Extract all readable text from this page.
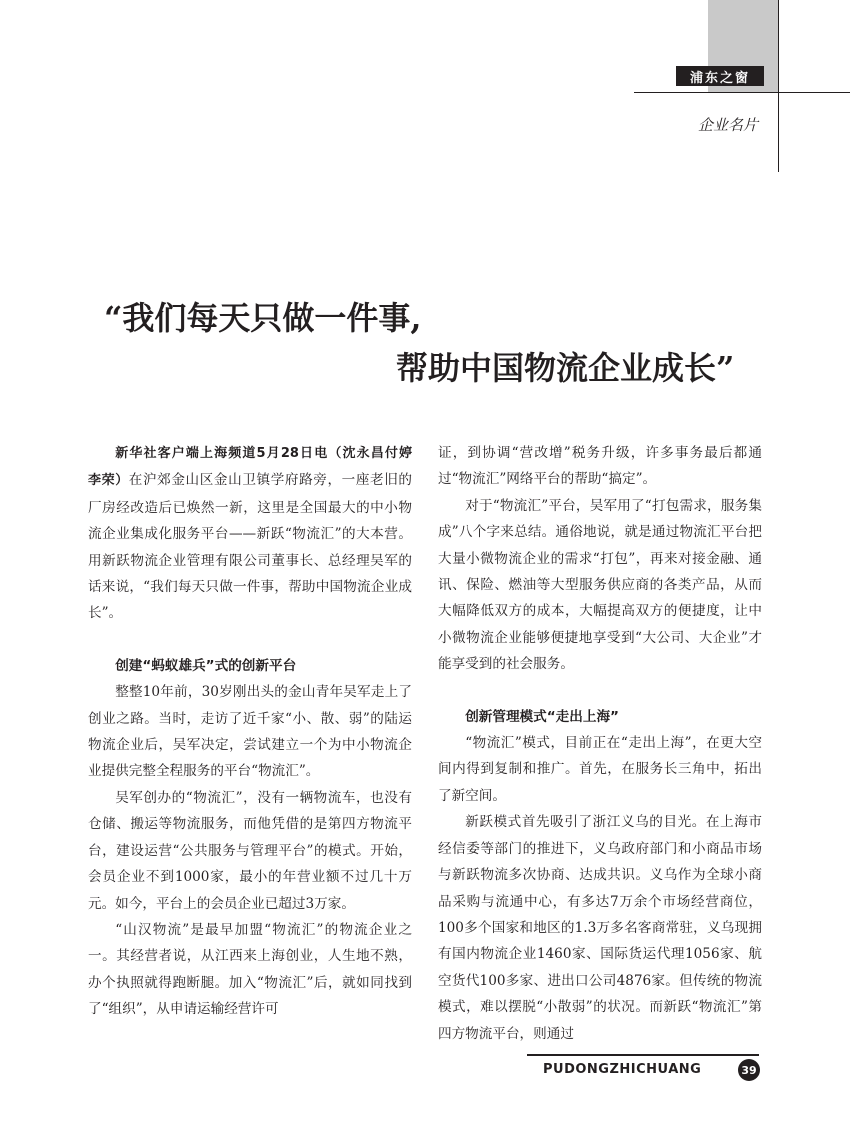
浦东之窗
企业名片
“我们每天只做一件事,
帮助中国物流企业成长”

新华社客户端上海频道5月28日电（沈永昌付婷　李荣）在沪郊金山区金山卫镇学府路旁，一座老旧的厂房经改造后已焕然一新，这里是全国最大的中小物流企业集成化服务平台——新跃“物流汇”的大本营。用新跃物流企业管理有限公司董事长、总经理吴军的话来说，“我们每天只做一件事，帮助中国物流企业成长”。

创建“蚂蚁雄兵”式的创新平台

整整10年前，30岁刚出头的金山青年吴军走上了创业之路。当时，走访了近千家“小、散、弱”的陆运物流企业后，吴军决定，尝试建立一个为中小物流企业提供完整全程服务的平台“物流汇”。

吴军创办的“物流汇”，没有一辆物流车，也没有仓储、搬运等物流服务，而他凭借的是第四方物流平台，建设运营“公共服务与管理平台”的模式。开始，会员企业不到1000家，最小的年营业额不过几十万元。如今，平台上的会员企业已超过3万家。

“山汉物流”是最早加盟“物流汇”的物流企业之一。其经营者说，从江西来上海创业，人生地不熟，办个执照就得跑断腿。加入“物流汇”后，就如同找到了“组织”，从申请运输经营许可

证，到协调“营改增”税务升级，许多事务最后都通过“物流汇”网络平台的帮助“搞定”。

对于“物流汇”平台，吴军用了“打包需求，服务集成”八个字来总结。通俗地说，就是通过物流汇平台把大量小微物流企业的需求“打包”，再来对接金融、通讯、保险、燃油等大型服务供应商的各类产品，从而大幅降低双方的成本，大幅提高双方的便捷度，让中小微物流企业能够便捷地享受到“大公司、大企业”才能享受到的社会服务。

创新管理模式“走出上海”

“物流汇”模式，目前正在“走出上海”，在更大空间内得到复制和推广。首先，在服务长三角中，拓出了新空间。

新跃模式首先吸引了浙江义乌的目光。在上海市经信委等部门的推进下，义乌政府部门和小商品市场与新跃物流多次协商、达成共识。义乌作为全球小商品采购与流通中心，有多达7万余个市场经营商位，100多个国家和地区的1.3万多名客商常驻，义乌现拥有国内物流企业1460家、国际货运代理1056家、航空货代100多家、进出口公司4876家。但传统的物流模式，难以摆脱“小散弱”的状况。而新跃“物流汇”第四方物流平台，则通过

PUDONGZHICHUANG	39
